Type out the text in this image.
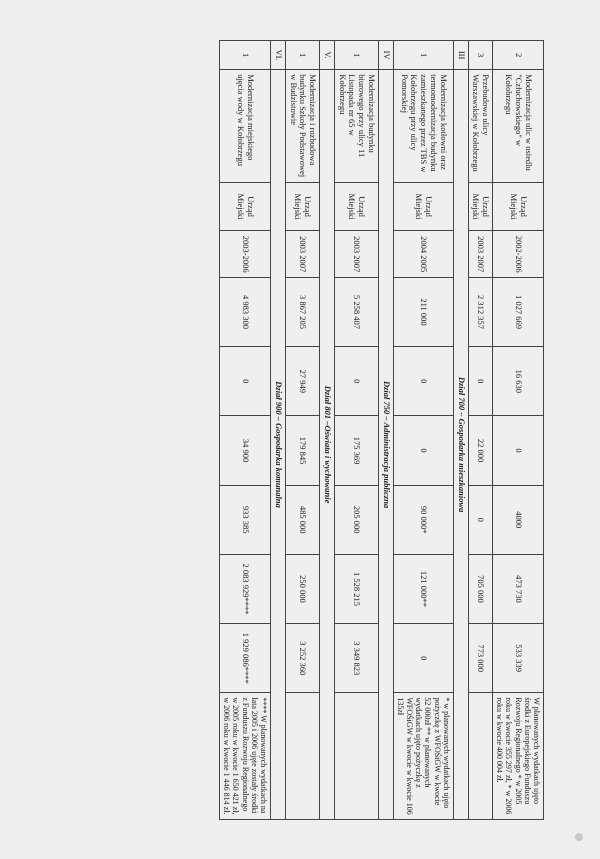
2	Modernizacja ulic w osiedlu "Człuchowskiego" w Kołobrzegu	Urząd Miejski	2002-2006	1 027 669	16 630	0	4000	473 730	533 339	W planowanych wydatkach ujęto środki z Europejskiego Funduszu Rozwoju Regionalnego * w 2005 roku w kwocie 355 297 zł, * w 2006 roku w kwocie 400 004 zł.
3	Przebudowa ulicy Warszawskiej w Kołobrzegu	Urząd Miejski	2003 2007	2 312 357	0	22 000	0	705 000	773 000	
III	Dział 700 – Gospodarka mieszkaniowa									
1	Modernizacja kotłowni oraz termomodernizacja budynku zamieszkanego przez TBS w Kołobrzegu przy ulicy Pomorskiej	Urząd Miejski	2004 2005	211 000	0	0	90 000*	121 000**	0	* w planowanych wydatkach ujęto pożyczkę z WFOŚiGW w kwocie 52 000zł ** w planowanych wydatkach ujęto pożyczkę z WFOŚiGW w kwocie w kwocie 106 135zł
IV	Dział 750 – Administracja publiczna									
1	Modernizacja budynku biurowego przy ulicy 11 Listopada nr 65 w Kołobrzegu	Urząd Miejski	2003 2007	5 258 407	0	175 369	205 000	1 528 215	3 349 823	
V.	Dział 801 –Oświata i wychowanie									
1	Modernizacja i rozbudowa budynku Szkoły Podstawowej w Budzistowie	Urząd Miejski	2003 2007	3 867 205	27 949	179 845	485 000	250 000	3 252 360	
VI.	Dział 900 – Gospodarka komunalna									
1	Modernizacja miejskiego ujęcia wody w Kołobrzegu	Urząd Miejski	2003-2006	4 983 300	0	34 900	933 385	2 083 929****	1 929 086****	**** W planowanych wydatkach na lata 2005 i 2006 ujęte zostały środki z Funduszu Rozwoju Regionalnego w 2005 roku w kwocie 1 650 421 zł, w 2006 roku w kwocie 1 446 814 zł.
